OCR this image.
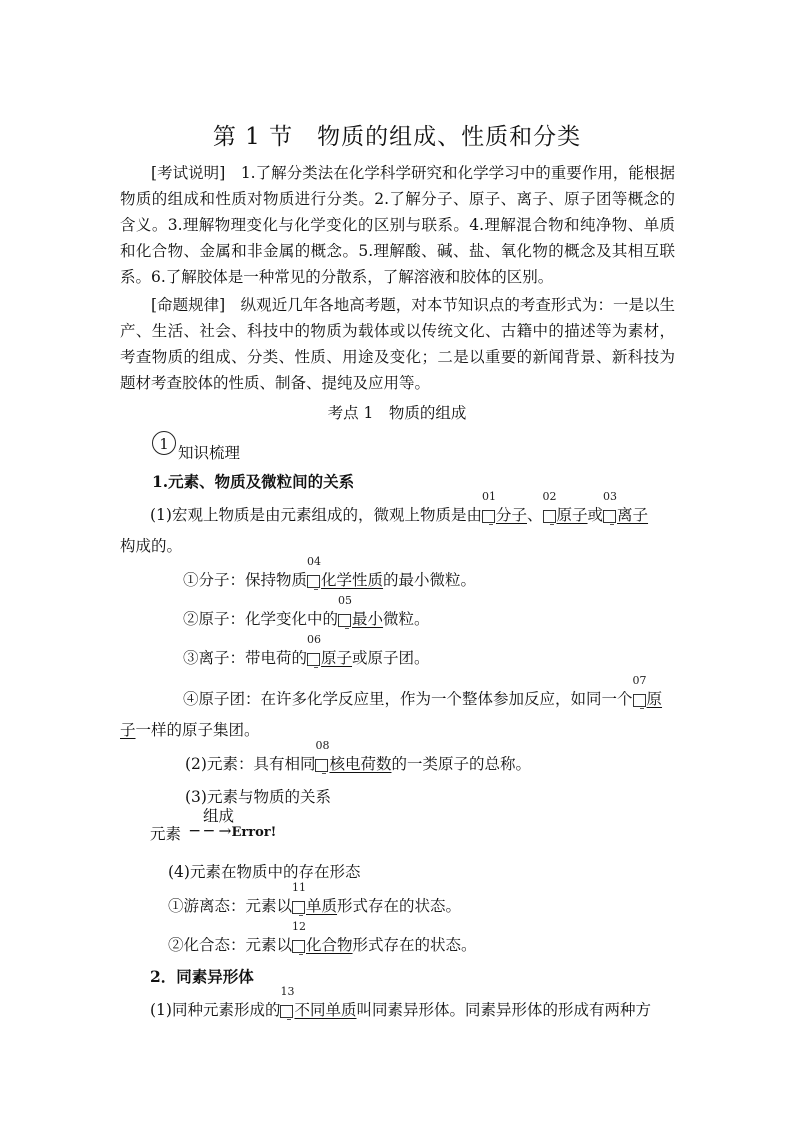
第 1 节　物质的组成、性质和分类

[考试说明]　1.了解分类法在化学科学研究和化学学习中的重要作用，能根据物质的组成和性质对物质进行分类。2.了解分子、原子、离子、原子团等概念的含义。3.理解物理变化与化学变化的区别与联系。4.理解混合物和纯净物、单质和化合物、金属和非金属的概念。5.理解酸、碱、盐、氧化物的概念及其相互联系。6.了解胶体是一种常见的分散系，了解溶液和胶体的区别。

[命题规律]　纵观近几年各地高考题，对本节知识点的考查形式为：一是以生产、生活、社会、科技中的物质为载体或以传统文化、古籍中的描述等为素材，考查物质的组成、分类、性质、用途及变化；二是以重要的新闻背景、新科技为题材考查胶体的性质、制备、提纯及应用等。

考点 1　物质的组成
1 知识梳理
1.元素、物质及微粒间的关系
(1)宏观上物质是由元素组成的，微观上物质是由
01
分子、
02
原子或
03
离子
构成的。
①分子：保持物质
04
化学性质的最小微粒。
②原子：化学变化中的
05
最小微粒。
③离子：带电荷的
06
原子或原子团。
④原子团：在许多化学反应里，作为一个整体参加反应，如同一个
07
原
子一样的原子集团。
(2)元素：具有相同
08
核电荷数的一类原子的总称。
(3)元素与物质的关系
组成
元素 ─ ─ →Error!
(4)元素在物质中的存在形态
①游离态：元素以
11
单质形式存在的状态。
②化合态：元素以
12
化合物形式存在的状态。
2．同素异形体
(1)同种元素形成的
13
不同单质叫同素异形体。同素异形体的形成有两种方
